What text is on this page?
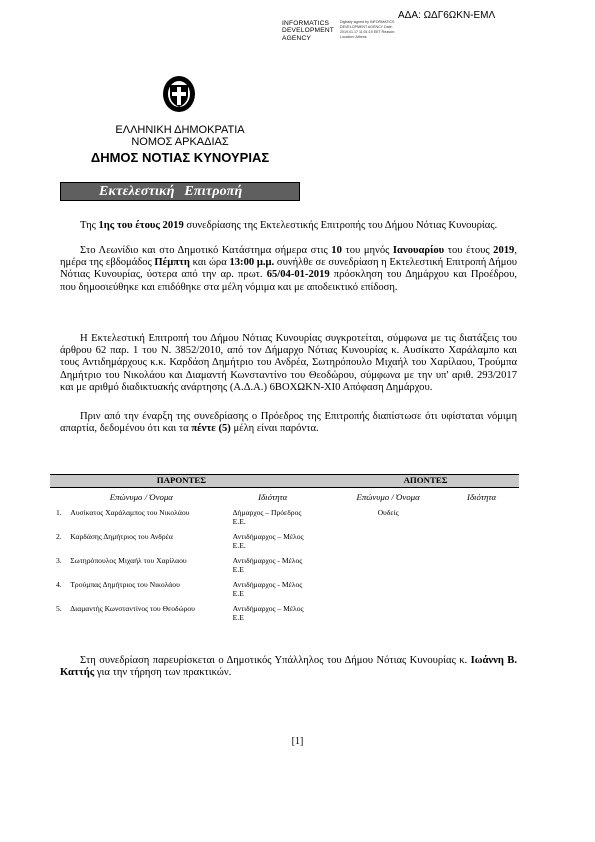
ΑΔΑ: ΩΔΓ6ΩΚΝ-ΕΜΛ
INFORMATICS
DEVELOPMENT
AGENCY
Digitally signed by INFORMATICS DEVELOPMENT AGENCY Date: 2019.01.17 11:01:19 EET Reason: Location: Athens
ΕΛΛΗΝΙΚΗ ΔΗΜΟΚΡΑΤΙΑ
ΝΟΜΟΣ ΑΡΚΑΔΙΑΣ
ΔΗΜΟΣ ΝΟΤΙΑΣ ΚΥΝΟΥΡΙΑΣ
Εκτελεστική Επιτροπή

Της 1ης του έτους 2019 συνεδρίασης της Εκτελεστικής Επιτροπής του Δήμου Νότιας Κυνουρίας.

Στο Λεωνίδιο και στο Δημοτικό Κατάστημα σήμερα στις 10 του μηνός Ιανουαρίου του έτους 2019, ημέρα της εβδομάδος Πέμπτη και ώρα 13:00 μ.μ. συνήλθε σε συνεδρίαση η Εκτελεστική Επιτροπή Δήμου Νότιας Κυνουρίας, ύστερα από την αρ. πρωτ. 65/04-01-2019 πρόσκληση του Δημάρχου και Προέδρου, που δημοσιεύθηκε και επιδόθηκε στα μέλη νόμιμα και με αποδεικτικό επίδοση.

Η Εκτελεστική Επιτροπή του Δήμου Νότιας Κυνουρίας συγκροτείται, σύμφωνα με τις διατάξεις του άρθρου 62 παρ. 1 του Ν. 3852/2010, από τον Δήμαρχο Νότιας Κυνουρίας κ. Αυσίκατο Χαράλαμπο και τους Αντιδημάρχους κ.κ. Καρδάση Δημήτριο του Ανδρέα, Σωτηρόπουλο Μιχαήλ του Χαρίλαου, Τρούμπα Δημήτριο του Νικολάου και Διαμαντή Κωνσταντίνο του Θεοδώρου, σύμφωνα με την υπ' αριθ. 293/2017 και με αριθμό διαδικτυακής ανάρτησης (Α.Δ.Α.) 6ΒΟΧΩΚΝ-ΧΙ0 Απόφαση Δημάρχου.

Πριν από την έναρξη της συνεδρίασης ο Πρόεδρος της Επιτροπής διαπίστωσε ότι υφίσταται νόμιμη απαρτία, δεδομένου ότι και τα πέντε (5) μέλη είναι παρόντα.

ΠΑΡΟΝΤΕΣ				ΑΠΟΝΤΕΣ	
Επώνυμο / Όνομα		Ιδιότητα		Επώνυμο / Όνομα	Ιδιότητα
1.	Αυσίκατος Χαράλαμπος του Νικολάου	Δήμαρχος – Πρόεδρος Ε.Ε.		Ουδείς	
2.	Καρδάσης Δημήτριος του Ανδρέα	Αντιδήμαρχος – Μέλος Ε.Ε.			
3.	Σωτηρόπουλος Μιχαήλ του Χαρίλαου	Αντιδήμαρχος - Μέλος Ε.Ε			
4.	Τρούμπας Δημήτριος του Νικολάου	Αντιδήμαρχος - Μέλος Ε.Ε			
5.	Διαμαντής Κωνσταντίνος του Θεοδώρου	Αντιδήμαρχος – Μέλος Ε.Ε			

Στη συνεδρίαση παρευρίσκεται ο Δημοτικός Υπάλληλος του Δήμου Νότιας Κυνουρίας κ. Ιωάννη Β. Καττής για την τήρηση των πρακτικών.

[1]
